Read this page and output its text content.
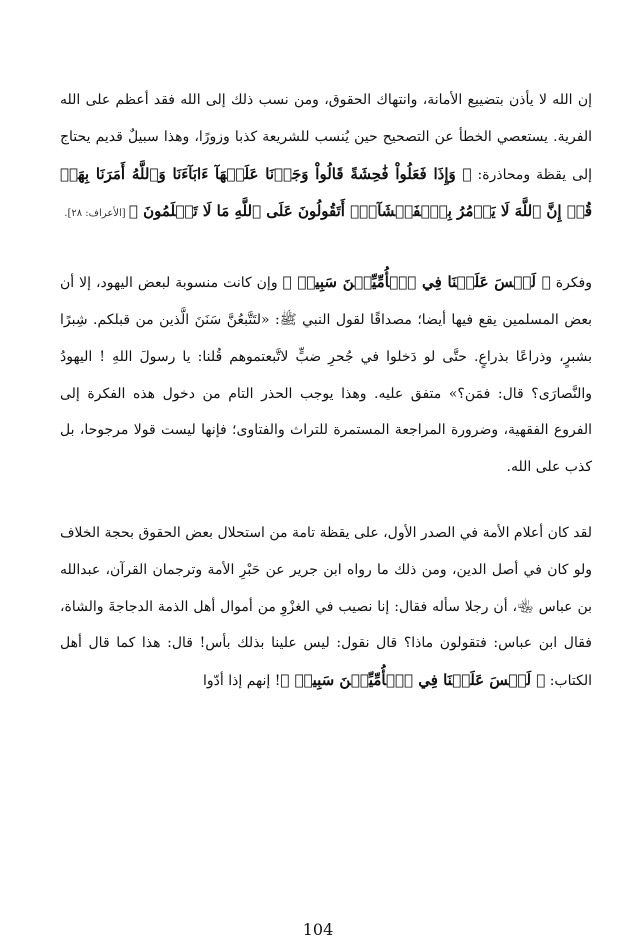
إن الله لا يأذن بتضييع الأمانة، وانتهاك الحقوق، ومن نسب ذلك إلى الله فقد أعظم على الله الفرية. يستعصي الخطأ عن التصحيح حين يُنسب للشريعة كذبا وزورًا، وهذا سبيلٌ قديم يحتاج إلى يقظة ومحاذرة: ﴿ وَإِذَا فَعَلُواْ فَٰحِشَةً قَالُواْ وَجَدۡنَا عَلَيۡهَآ ءَابَآءَنَا وَٱللَّهُ أَمَرَنَا بِهَاۗ قُلۡ إِنَّ ٱللَّهَ لَا يَأۡمُرُ بِٱلۡفَحۡشَآءِۖ أَتَقُولُونَ عَلَى ٱللَّهِ مَا لَا تَعۡلَمُونَ ﴾ [الأعراف: ٢٨].

وفكرة ﴿ لَيۡسَ عَلَيۡنَا فِي ٱلۡأُمِّيِّـۧنَ سَبِيلٞ ﴾ وإن كانت منسوبة لبعض اليهود، إلا أن بعض المسلمين يقع فيها أيضا؛ مصداقًا لقول النبي ﷺ: «لتَتَّبعُنَّ سَنَنَ الَّذين من قبلكم. شِبرًا بشبرٍ، وذراعًا بذراعٍ. حتَّى لو دَخلوا في جُحرِ ضبٍّ لاتَّبعتموهم قُلنا: يا رسولَ اللهِ ! اليهودُ والنَّصارَى؟ قال: فمَن؟» متفق عليه. وهذا يوجب الحذر التام من دخول هذه الفكرة إلى الفروع الفقهية، وضرورة المراجعة المستمرة للتراث والفتاوى؛ فإنها ليست قولا مرجوحا، بل كذب على الله.

لقد كان أعلام الأمة في الصدر الأول، على يقظة تامة من استحلال بعض الحقوق بحجة الخلاف ولو كان في أصل الدين، ومن ذلك ما رواه ابن جرير عن حَبْرِ الأمة وترجمان القرآن، عبدالله بن عباس ﵄، أن رجلا سأله فقال: إنا نصيب في الغزْوِ من أموال أهل الذمة الدجاجةَ والشاة، فقال ابن عباس: فتقولون ماذا؟ قال نقول: ليس علينا بذلك بأس! قال: هذا كما قال أهل الكتاب: ﴿ لَيۡسَ عَلَيۡنَا فِي ٱلۡأُمِّيِّـۧنَ سَبِيلٞ ﴾! إنهم إذا أدّوا

104
